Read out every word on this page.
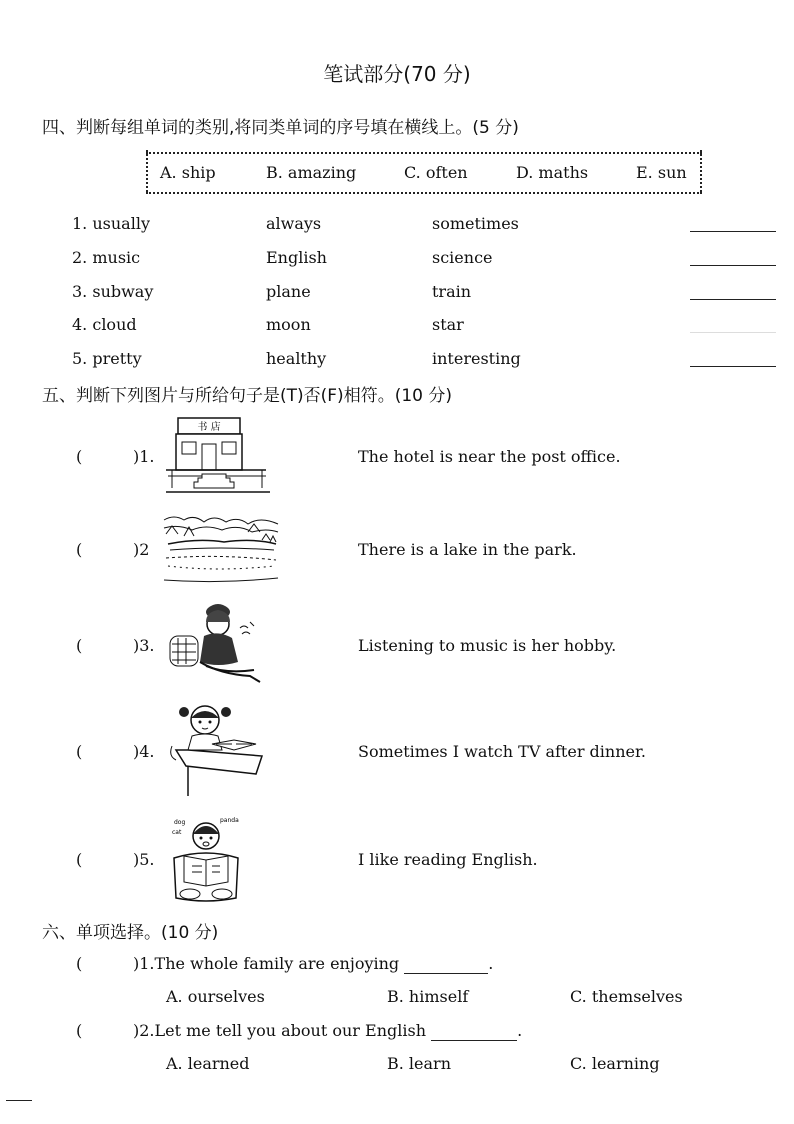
笔试部分(70 分)
四、判断每组单词的类别,将同类单词的序号填在横线上。(5 分)
A. ship	B. amazing	C. often	D. maths	E. sun
1. usually	always	sometimes
2. music	English	science
3. subway	plane	train
4. cloud	moon	star
5. pretty	healthy	interesting
五、判断下列图片与所给句子是(T)否(F)相符。(10 分)
(	)1.
书 店
The hotel is near the post office.
(	)2	There is a lake in the park.
(	)3.	Listening to music is her hobby.
(	)4.	Sometimes I watch TV after dinner.
(	)5.
dog
cat
panda
I like reading English.
六、单项选择。(10 分)
(	)1.The whole family are enjoying	.
A. ourselves	B. himself	C. themselves
(	)2.Let me tell you about our English	.
A. learned	B. learn	C. learning
